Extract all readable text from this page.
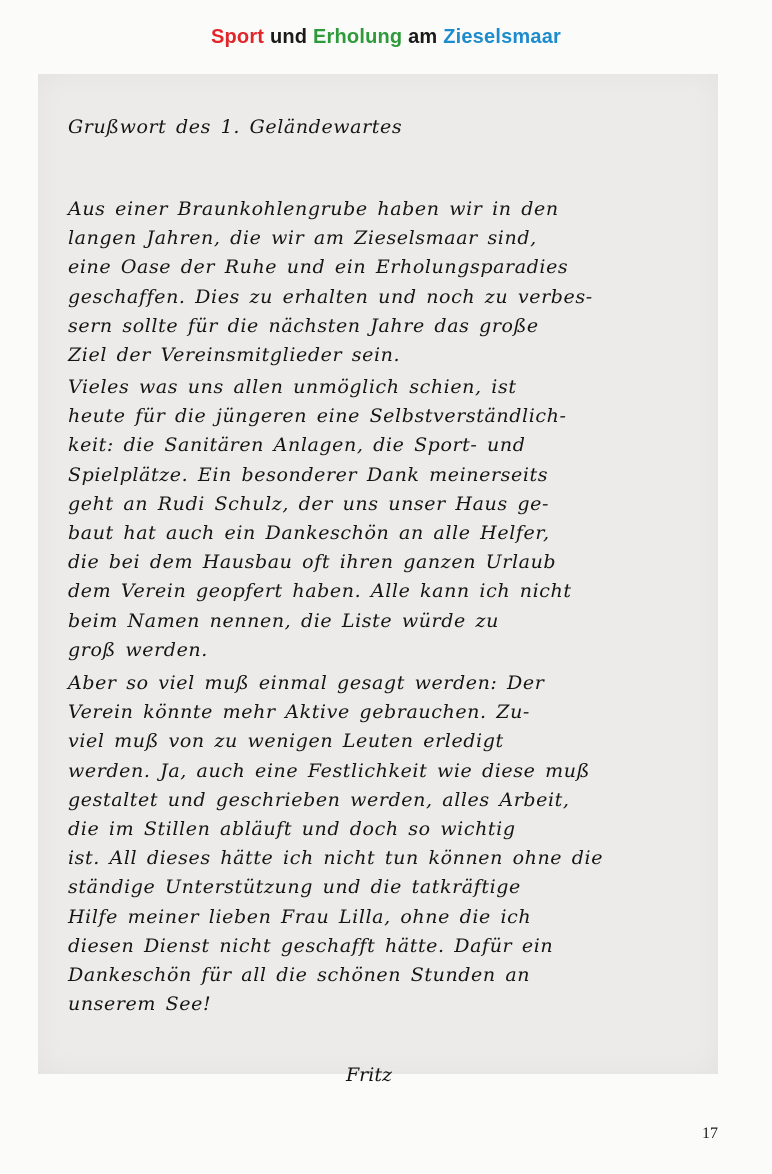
Sport und Erholung am Zieselsmaar
Grußwort des 1. Geländewartes
Aus einer Braunkohlengrube haben wir in den
langen Jahren, die wir am Zieselsmaar sind,
eine Oase der Ruhe und ein Erholungsparadies
geschaffen. Dies zu erhalten und noch zu verbes-
sern sollte für die nächsten Jahre das große
Ziel der Vereinsmitglieder sein.
Vieles was uns allen unmöglich schien, ist
heute für die jüngeren eine Selbstverständlich-
keit: die Sanitären Anlagen, die Sport- und
Spielplätze. Ein besonderer Dank meinerseits
geht an Rudi Schulz, der uns unser Haus ge-
baut hat auch ein Dankeschön an alle Helfer,
die bei dem Hausbau oft ihren ganzen Urlaub
dem Verein geopfert haben. Alle kann ich nicht
beim Namen nennen, die Liste würde zu
groß werden.
Aber so viel muß einmal gesagt werden: Der
Verein könnte mehr Aktive gebrauchen. Zu-
viel muß von zu wenigen Leuten erledigt
werden. Ja, auch eine Festlichkeit wie diese muß
gestaltet und geschrieben werden, alles Arbeit,
die im Stillen abläuft und doch so wichtig
ist. All dieses hätte ich nicht tun können ohne die
ständige Unterstützung und die tatkräftige
Hilfe meiner lieben Frau Lilla, ohne die ich
diesen Dienst nicht geschafft hätte. Dafür ein
Dankeschön für all die schönen Stunden an
unserem See!
Fritz
17
